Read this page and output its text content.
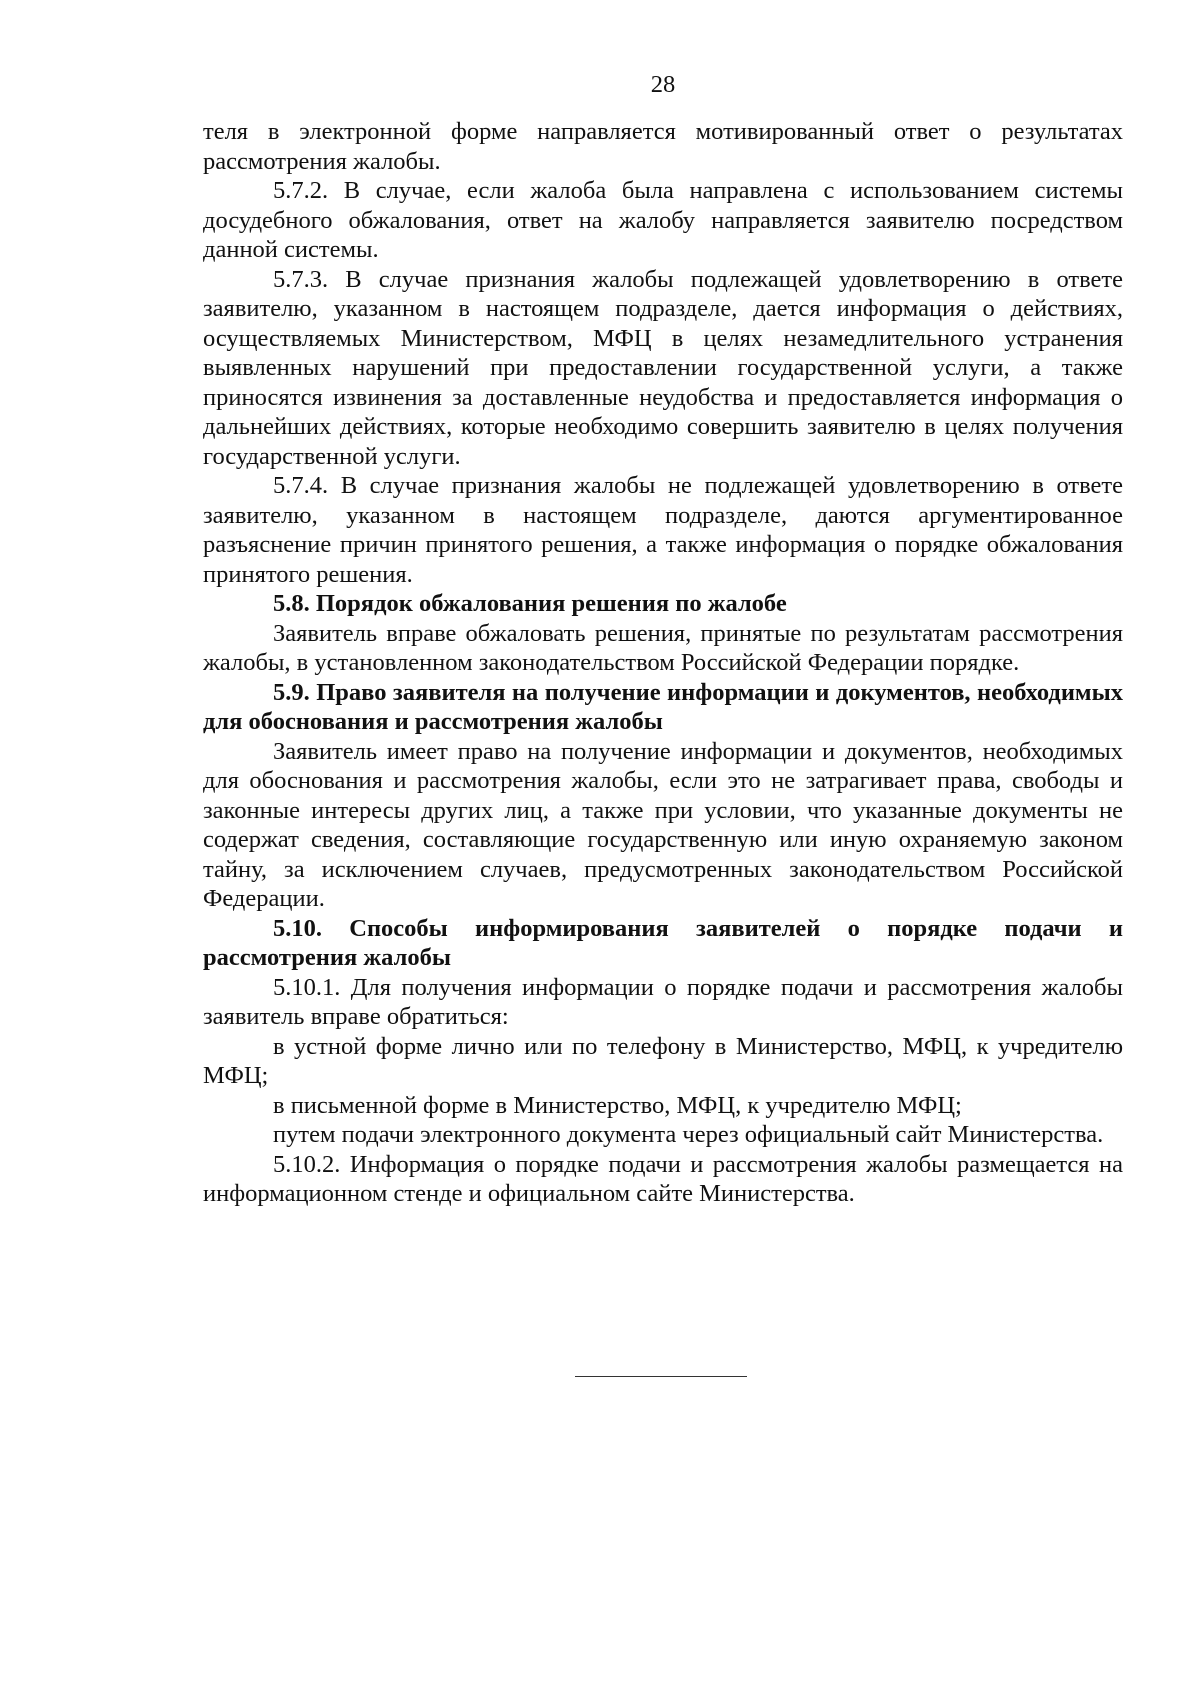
28

теля в электронной форме направляется мотивированный ответ о результатах рассмотрения жалобы.

5.7.2. В случае, если жалоба была направлена с использованием системы досудебного обжалования, ответ на жалобу направляется заявителю посредством данной системы.

5.7.3. В случае признания жалобы подлежащей удовлетворению в ответе заявителю, указанном в настоящем подразделе, дается информация о действиях, осуществляемых Министерством, МФЦ в целях незамедлительного устранения выявленных нарушений при предоставлении государственной услуги, а также приносятся извинения за доставленные неудобства и предоставляется информация о дальнейших действиях, которые необходимо совершить заявителю в целях получения государственной услуги.

5.7.4. В случае признания жалобы не подлежащей удовлетворению в ответе заявителю, указанном в настоящем подразделе, даются аргументированное разъяснение причин принятого решения, а также информация о порядке обжалования принятого решения.

5.8. Порядок обжалования решения по жалобе

Заявитель вправе обжаловать решения, принятые по результатам рассмотрения жалобы, в установленном законодательством Российской Федерации порядке.

5.9. Право заявителя на получение информации и документов, необходимых для обоснования и рассмотрения жалобы

Заявитель имеет право на получение информации и документов, необходимых для обоснования и рассмотрения жалобы, если это не затрагивает права, свободы и законные интересы других лиц, а также при условии, что указанные документы не содержат сведения, составляющие государственную или иную охраняемую законом тайну, за исключением случаев, предусмотренных законодательством Российской Федерации.

5.10. Способы информирования заявителей о порядке подачи и рассмотрения жалобы

5.10.1. Для получения информации о порядке подачи и рассмотрения жалобы заявитель вправе обратиться:

в устной форме лично или по телефону в Министерство, МФЦ, к учредителю МФЦ;

в письменной форме в Министерство, МФЦ, к учредителю МФЦ;

путем подачи электронного документа через официальный сайт Министерства.

5.10.2. Информация о порядке подачи и рассмотрения жалобы размещается на информационном стенде и официальном сайте Министерства.
